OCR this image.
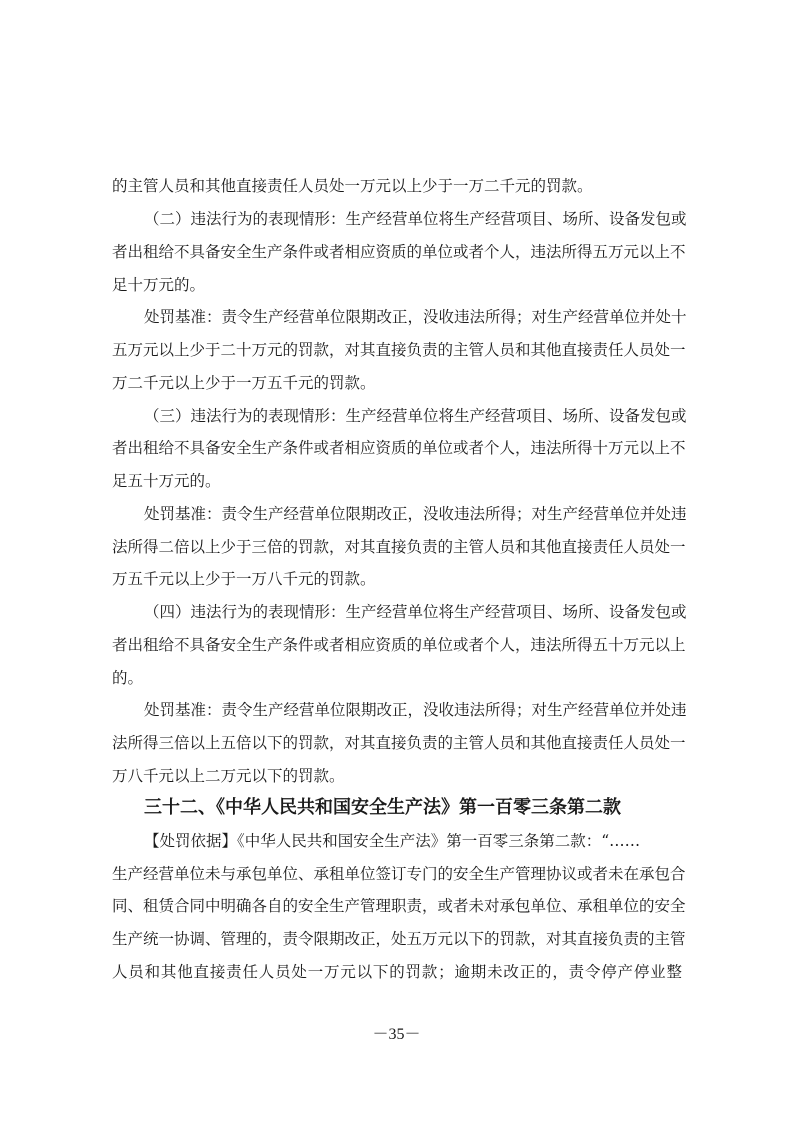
的主管人员和其他直接责任人员处一万元以上少于一万二千元的罚款。
（二）违法行为的表现情形：生产经营单位将生产经营项目、场所、设备发包或
者出租给不具备安全生产条件或者相应资质的单位或者个人，违法所得五万元以上不
足十万元的。
处罚基准：责令生产经营单位限期改正，没收违法所得；对生产经营单位并处十
五万元以上少于二十万元的罚款，对其直接负责的主管人员和其他直接责任人员处一
万二千元以上少于一万五千元的罚款。
（三）违法行为的表现情形：生产经营单位将生产经营项目、场所、设备发包或
者出租给不具备安全生产条件或者相应资质的单位或者个人，违法所得十万元以上不
足五十万元的。
处罚基准：责令生产经营单位限期改正，没收违法所得；对生产经营单位并处违
法所得二倍以上少于三倍的罚款，对其直接负责的主管人员和其他直接责任人员处一
万五千元以上少于一万八千元的罚款。
（四）违法行为的表现情形：生产经营单位将生产经营项目、场所、设备发包或
者出租给不具备安全生产条件或者相应资质的单位或者个人，违法所得五十万元以上
的。
处罚基准：责令生产经营单位限期改正，没收违法所得；对生产经营单位并处违
法所得三倍以上五倍以下的罚款，对其直接负责的主管人员和其他直接责任人员处一
万八千元以上二万元以下的罚款。
三十二、《中华人民共和国安全生产法》第一百零三条第二款
【处罚依据】《中华人民共和国安全生产法》第一百零三条第二款：“……
生产经营单位未与承包单位、承租单位签订专门的安全生产管理协议或者未在承包合
同、租赁合同中明确各自的安全生产管理职责，或者未对承包单位、承租单位的安全
生产统一协调、管理的，责令限期改正，处五万元以下的罚款，对其直接负责的主管
人员和其他直接责任人员处一万元以下的罚款；逾期未改正的，责令停产停业整
－35－
